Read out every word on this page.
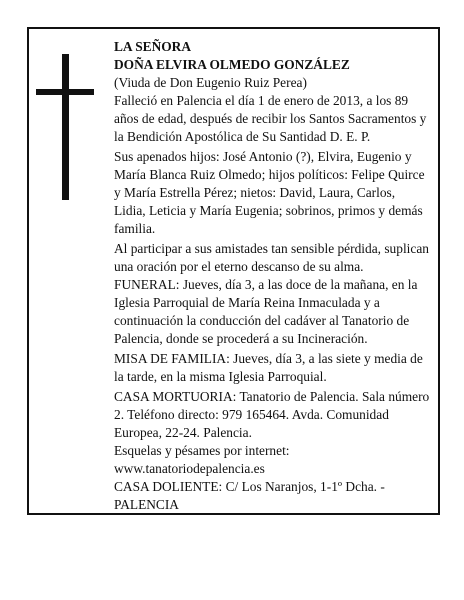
LA SEÑORA

DOÑA ELVIRA OLMEDO GONZÁLEZ

(Viuda de Don Eugenio Ruiz Perea)

Falleció en Palencia el día 1 de enero de 2013, a los 89 años de edad, después de recibir los Santos Sacramentos y la Bendición Apostólica de Su Santidad D. E. P.

Sus apenados hijos: José Antonio (?), Elvira, Eugenio y María Blanca Ruiz Olmedo; hijos políticos: Felipe Quirce y María Estrella Pérez; nietos: David, Laura, Carlos, Lidia, Leticia y María Eugenia; sobrinos, primos y demás familia.

Al participar a sus amistades tan sensible pérdida, suplican una oración por el eterno descanso de su alma.

FUNERAL: Jueves, día 3, a las doce de la mañana, en la Iglesia Parroquial de María Reina Inmaculada y a continuación la conducción del cadáver al Tanatorio de Palencia, donde se procederá a su Incineración.

MISA DE FAMILIA: Jueves, día 3, a las siete y media de la tarde, en la misma Iglesia Parroquial.

CASA MORTUORIA: Tanatorio de Palencia. Sala número 2. Teléfono directo: 979 165464. Avda. Comunidad Europea, 22-24. Palencia.

Esquelas y pésames por internet:

www.tanatoriodepalencia.es

CASA DOLIENTE: C/ Los Naranjos, 1-1º Dcha. - PALENCIA
